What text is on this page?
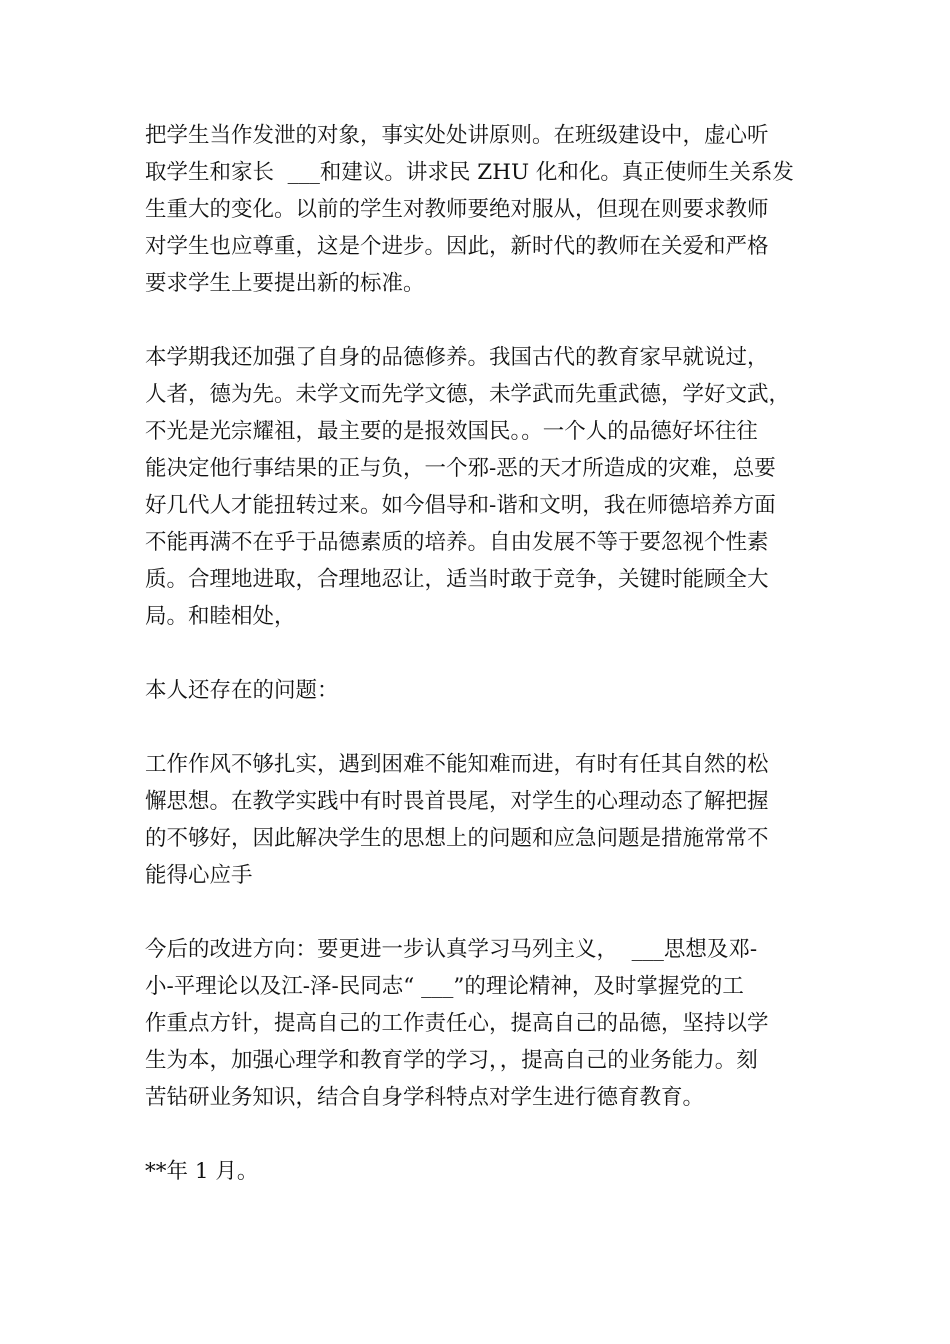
把学生当作发泄的对象，事实处处讲原则。在班级建设中，虚心听
取学生和家长  ___和建议。讲求民 ZHU 化和化。真正使师生关系发
生重大的变化。以前的学生对教师要绝对服从，但现在则要求教师
对学生也应尊重，这是个进步。因此，新时代的教师在关爱和严格
要求学生上要提出新的标准。
本学期我还加强了自身的品德修养。我国古代的教育家早就说过，
人者，德为先。未学文而先学文德，未学武而先重武德，学好文武，
不光是光宗耀祖，最主要的是报效国民。。一个人的品德好坏往往
能决定他行事结果的正与负，一个邪-恶的天才所造成的灾难，总要
好几代人才能扭转过来。如今倡导和-谐和文明，我在师德培养方面
不能再满不在乎于品德素质的培养。自由发展不等于要忽视个性素
质。合理地进取，合理地忍让，适当时敢于竞争，关键时能顾全大
局。和睦相处，
本人还存在的问题：
工作作风不够扎实，遇到困难不能知难而进，有时有任其自然的松
懈思想。在教学实践中有时畏首畏尾，对学生的心理动态了解把握
的不够好，因此解决学生的思想上的问题和应急问题是措施常常不
能得心应手
今后的改进方向：要更进一步认真学习马列主义，  ___思想及邓-
小-平理论以及江-泽-民同志“ ___”的理论精神，及时掌握党的工
作重点方针，提高自己的工作责任心，提高自己的品德，坚持以学
生为本，加强心理学和教育学的学习，，提高自己的业务能力。刻
苦钻研业务知识，结合自身学科特点对学生进行德育教育。
**年 1 月。
